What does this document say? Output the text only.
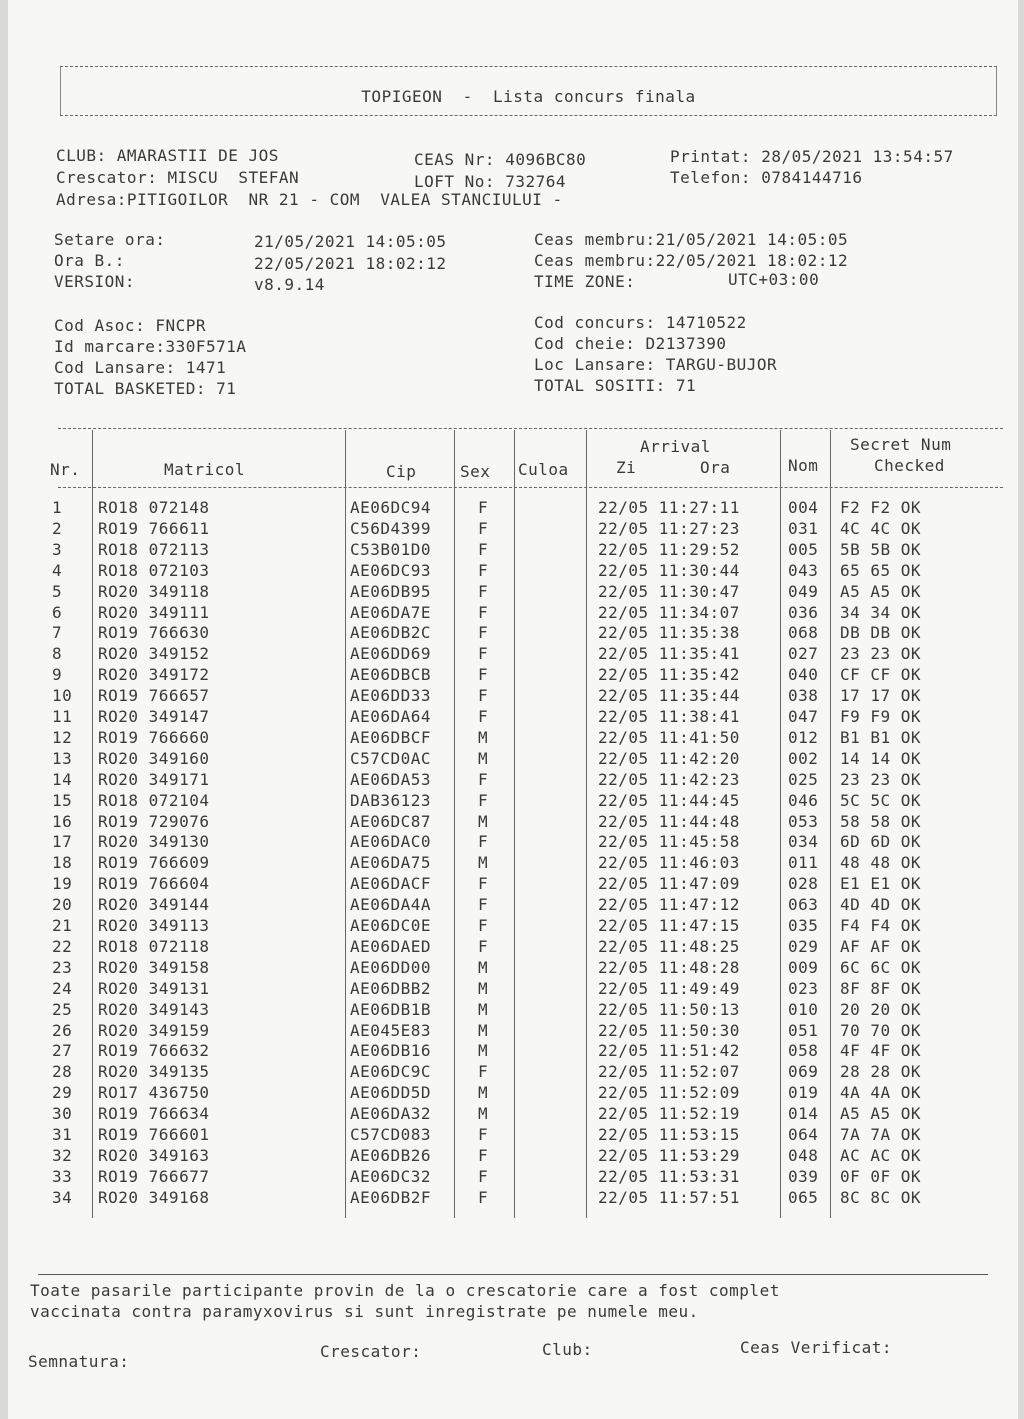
TOPIGEON  -  Lista concurs finala

CLUB: AMARASTII DE JOS
Crescator: MISCU  STEFAN
Adresa:PITIGOILOR  NR 21 - COM  VALEA STANCIULUI -
CEAS Nr: 4096BC80
LOFT No: 732764
Printat: 28/05/2021 13:54:57
Telefon: 0784144716
Setare ora:	21/05/2021 14:05:05
Ora B.:	22/05/2021 18:02:12
VERSION:	v8.9.14
Ceas membru:21/05/2021 14:05:05
Ceas membru:22/05/2021 18:02:12
TIME ZONE:	UTC+03:00
Cod Asoc: FNCPR
Id marcare:330F571A
Cod Lansare: 1471
TOTAL BASKETED: 71
Cod concurs: 14710522
Cod cheie: D2137390
Loc Lansare: TARGU-BUJOR
TOTAL SOSITI: 71
Nr.	Matricol	Cip	Sex Culoa
Arrival
Zi	Ora	Nom
Secret Num
Checked
1 RO18 072148	AE06DC94	F	22/05 11:27:11	004 F2 F2 OK
2 RO19 766611	C56D4399	F	22/05 11:27:23	031 4C 4C OK
3 RO18 072113	C53B01D0	F	22/05 11:29:52	005 5B 5B OK
4 RO18 072103	AE06DC93	F	22/05 11:30:44	043 65 65 OK
5 RO20 349118	AE06DB95	F	22/05 11:30:47	049 A5 A5 OK
6 RO20 349111	AE06DA7E	F	22/05 11:34:07	036 34 34 OK
7 RO19 766630	AE06DB2C	F	22/05 11:35:38	068 DB DB OK
8 RO20 349152	AE06DD69	F	22/05 11:35:41	027 23 23 OK
9 RO20 349172	AE06DBCB	F	22/05 11:35:42	040 CF CF OK
10 RO19 766657	AE06DD33	F	22/05 11:35:44	038 17 17 OK
11 RO20 349147	AE06DA64	F	22/05 11:38:41	047 F9 F9 OK
12 RO19 766660	AE06DBCF	M	22/05 11:41:50	012 B1 B1 OK
13 RO20 349160	C57CD0AC	M	22/05 11:42:20	002 14 14 OK
14 RO20 349171	AE06DA53	F	22/05 11:42:23	025 23 23 OK
15 RO18 072104	DAB36123	F	22/05 11:44:45	046 5C 5C OK
16 RO19 729076	AE06DC87	M	22/05 11:44:48	053 58 58 OK
17 RO20 349130	AE06DAC0	F	22/05 11:45:58	034 6D 6D OK
18 RO19 766609	AE06DA75	M	22/05 11:46:03	011 48 48 OK
19 RO19 766604	AE06DACF	F	22/05 11:47:09	028 E1 E1 OK
20 RO20 349144	AE06DA4A	F	22/05 11:47:12	063 4D 4D OK
21 RO20 349113	AE06DC0E	F	22/05 11:47:15	035 F4 F4 OK
22 RO18 072118	AE06DAED	F	22/05 11:48:25	029 AF AF OK
23 RO20 349158	AE06DD00	M	22/05 11:48:28	009 6C 6C OK
24 RO20 349131	AE06DBB2	M	22/05 11:49:49	023 8F 8F OK
25 RO20 349143	AE06DB1B	M	22/05 11:50:13	010 20 20 OK
26 RO20 349159	AE045E83	M	22/05 11:50:30	051 70 70 OK
27 RO19 766632	AE06DB16	M	22/05 11:51:42	058 4F 4F OK
28 RO20 349135	AE06DC9C	F	22/05 11:52:07	069 28 28 OK
29 RO17 436750	AE06DD5D	M	22/05 11:52:09	019 4A 4A OK
30 RO19 766634	AE06DA32	M	22/05 11:52:19	014 A5 A5 OK
31 RO19 766601	C57CD083	F	22/05 11:53:15	064 7A 7A OK
32 RO20 349163	AE06DB26	F	22/05 11:53:29	048 AC AC OK
33 RO19 766677	AE06DC32	F	22/05 11:53:31	039 0F 0F OK
34 RO20 349168	AE06DB2F	F	22/05 11:57:51	065 8C 8C OK
Toate pasarile participante provin de la o crescatorie care a fost complet
vaccinata contra paramyxovirus si sunt inregistrate pe numele meu.
Semnatura:
Crescator:	Club:	Ceas Verificat:
